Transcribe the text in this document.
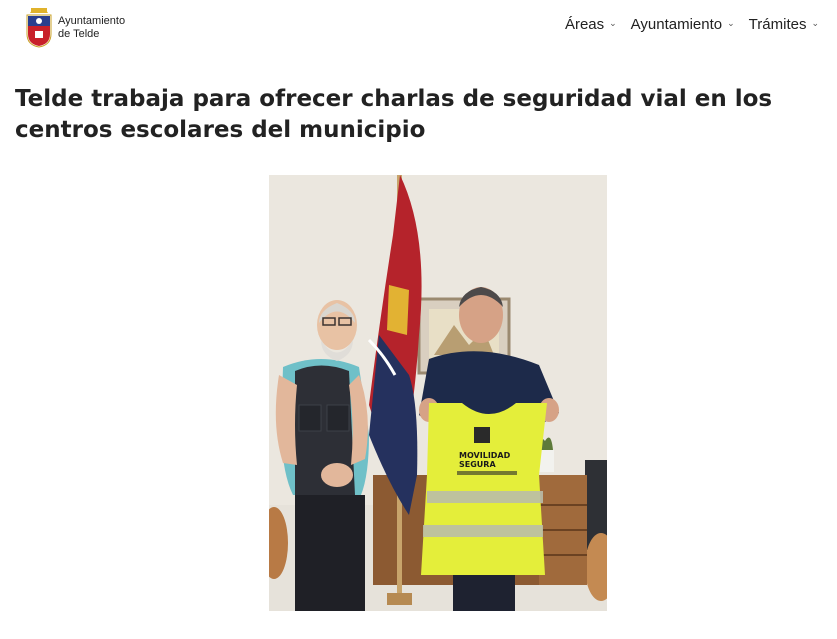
Ayuntamiento
de Telde
Áreas ⌄ Ayuntamiento ⌄ Trámites ⌄
Telde trabaja para ofrecer charlas de seguridad vial en los centros escolares del municipio
MOVILIDAD
SEGURA
